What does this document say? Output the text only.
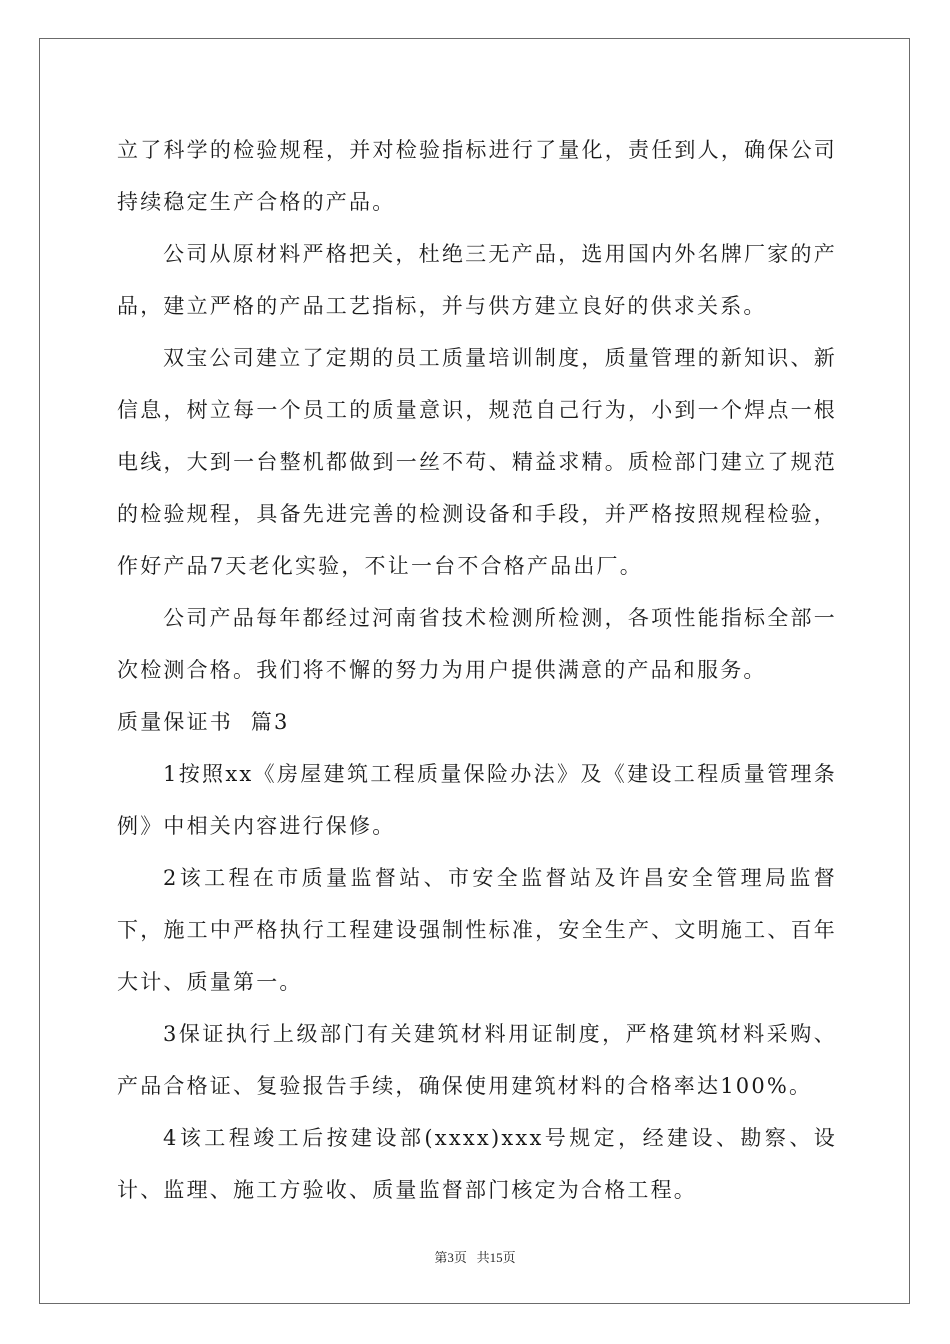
立了科学的检验规程，并对检验指标进行了量化，责任到人，确保公司持续稳定生产合格的产品。

公司从原材料严格把关，杜绝三无产品，选用国内外名牌厂家的产品，建立严格的产品工艺指标，并与供方建立良好的供求关系。

双宝公司建立了定期的员工质量培训制度，质量管理的新知识、新信息，树立每一个员工的质量意识，规范自己行为，小到一个焊点一根电线，大到一台整机都做到一丝不苟、精益求精。质检部门建立了规范的检验规程，具备先进完善的检测设备和手段，并严格按照规程检验，作好产品7天老化实验，不让一台不合格产品出厂。

公司产品每年都经过河南省技术检测所检测，各项性能指标全部一次检测合格。我们将不懈的努力为用户提供满意的产品和服务。

质量保证书  篇3

1按照xx《房屋建筑工程质量保险办法》及《建设工程质量管理条例》中相关内容进行保修。

2该工程在市质量监督站、市安全监督站及许昌安全管理局监督下，施工中严格执行工程建设强制性标准，安全生产、文明施工、百年大计、质量第一。

3保证执行上级部门有关建筑材料用证制度，严格建筑材料采购、产品合格证、复验报告手续，确保使用建筑材料的合格率达100%。

4该工程竣工后按建设部(xxxx)xxx号规定，经建设、勘察、设计、监理、施工方验收、质量监督部门核定为合格工程。

第3页 共15页
